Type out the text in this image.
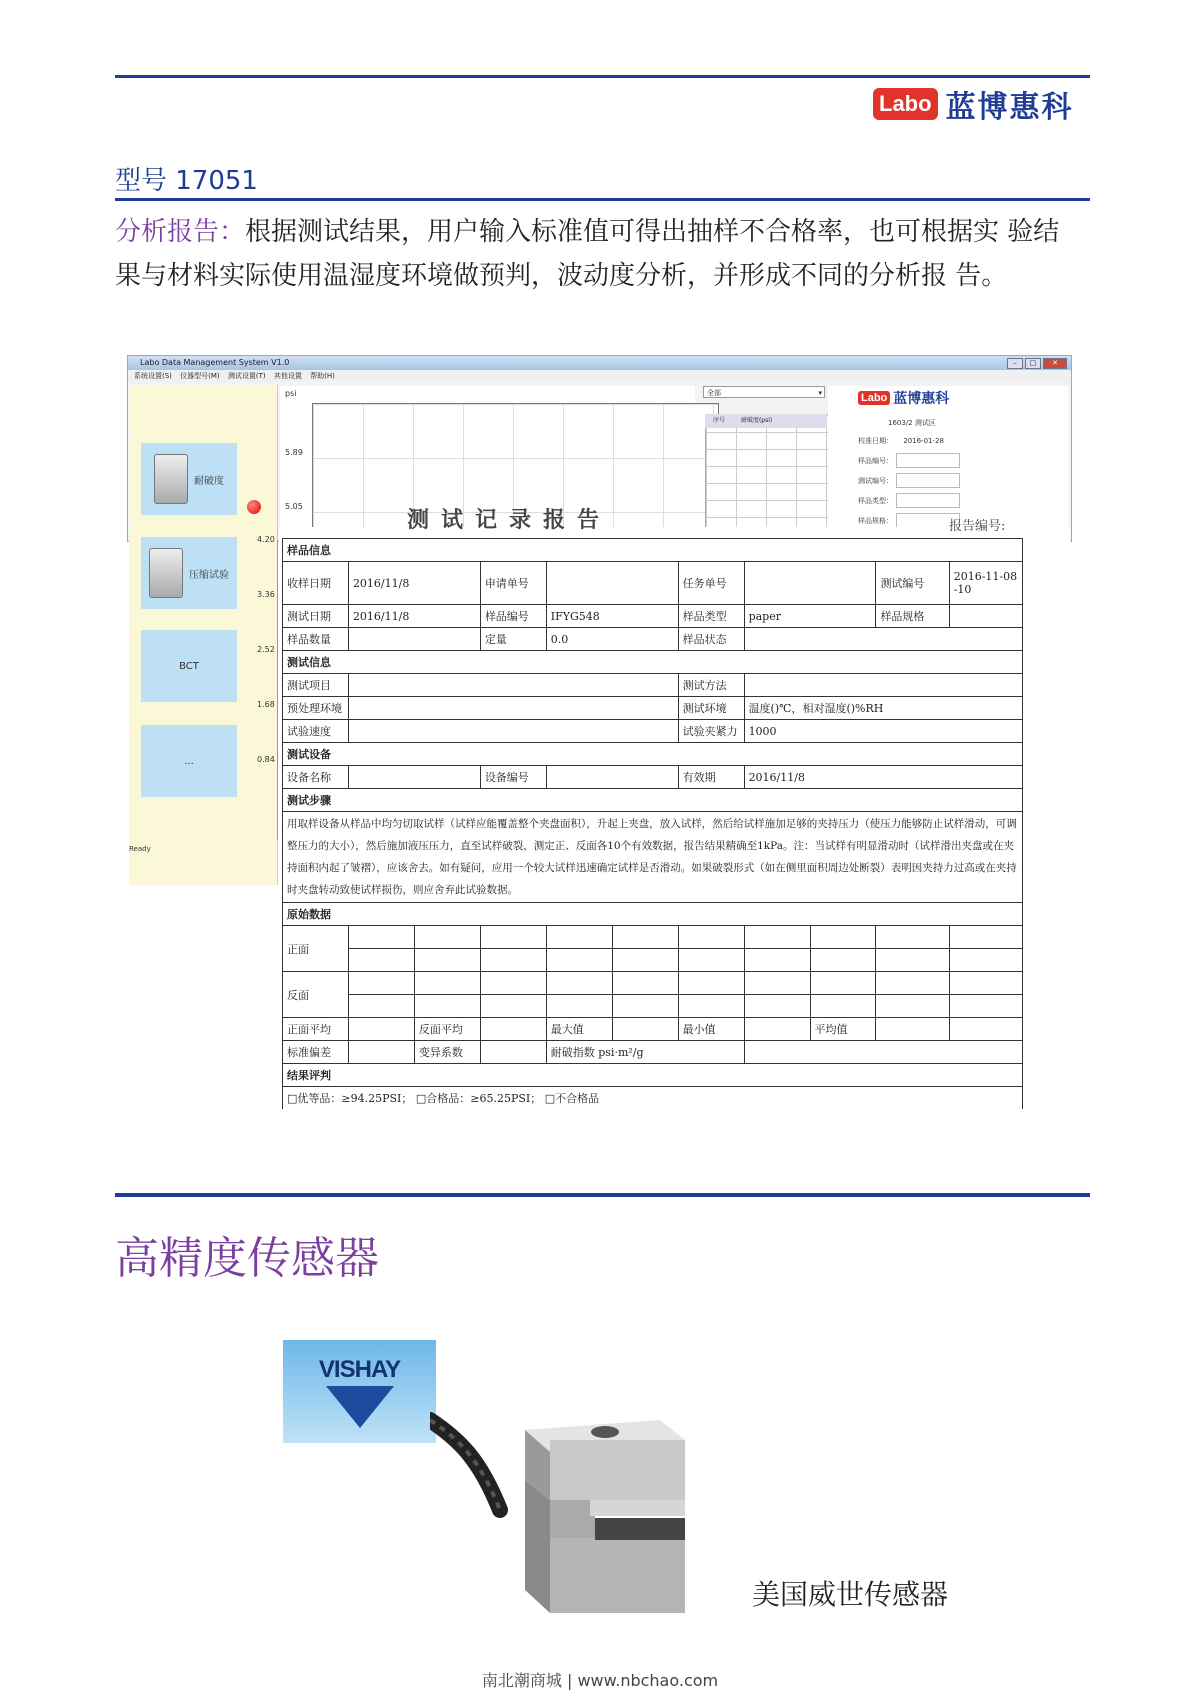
Labo 蓝博惠科
型号 17051
分析报告：根据测试结果，用户输入标准值可得出抽样不合格率，也可根据实 验结果与材料实际使用温湿度环境做预判，波动度分析，并形成不同的分析报 告。
Labo Data Management System V1.0	–	□	✕
系统设置(S) 仪器型号(M) 测试设置(T) 其他设置 帮助(H)
psi
5.89
5.05
全部	▾
序号	耐破度(psi)
Labo 蓝博惠科
1603/2 测试区
校准日期： 2016-01-28
样品编号：
测试编号：
样品类型：
样品规格：
耐破度
压缩试验
BCT
...
4.20
3.36
2.52
1.68
0.84
Ready
测试记录报告	报告编号:
样品信息										
收样日期	2016/11/8		申请单号			任务单号			测试编号	2016-11-08-10
测试日期	2016/11/8		样品编号	IFYG548		样品类型	paper		样品规格	
样品数量			定量	0.0		样品状态				
测试信息										
测试项目						测试方法				
预处理环境						测试环境	温度()℃，相对湿度()%RH			
试验速度						试验夹紧力	1000			
测试设备										
设备名称			设备编号			有效期	2016/11/8			
测试步骤										
用取样设备从样品中均匀切取试样（试样应能覆盖整个夹盘面积），升起上夹盘，放入试样，然后给试样施加足够的夹持压力（使压力能够防止试样滑动，可调整压力的大小），然后施加液压压力，直至试样破裂，测定正、反面各10个有效数据，报告结果精确至1kPa。注：当试样有明显滑动时（试样滑出夹盘或在夹持面积内起了皱褶），应该舍去。如有疑问，应用一个较大试样迅速确定试样是否滑动。如果破裂形式（如在侧里面积周边处断裂）表明因夹持力过高或在夹持时夹盘转动致使试样损伤，则应舍弃此试验数据。										
原始数据										
正面										

反面										

正面平均		反面平均		最大值		最小值		平均值		
标准偏差		变异系数		耐破指数 psi·m²/g						
结果评判										
□优等品：≥94.25PSI； □合格品：≥65.25PSI； □不合格品										
高精度传感器
VISHAY
美国威世传感器
南北潮商城 | www.nbchao.com
